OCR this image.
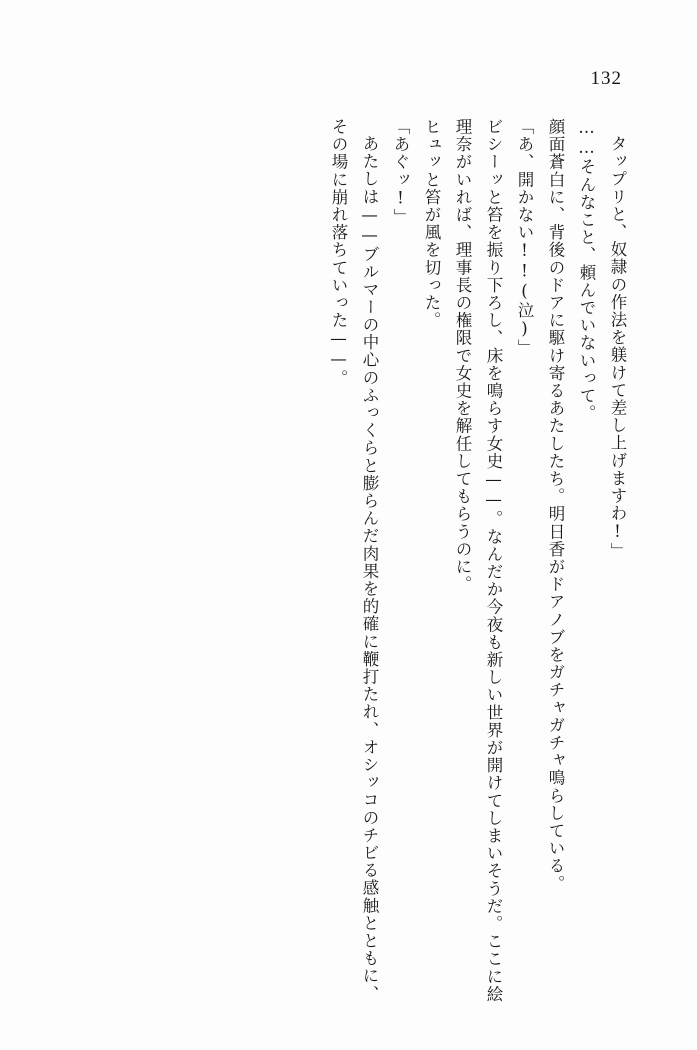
132

タップリと、奴隷の作法を躾けて差し上げますわ!」

……そんなこと、頼んでいないって。

顔面蒼白に、背後のドアに駆け寄るあたしたち。明日香がドアノブをガチャガチャ鳴らしている。

「あ、開かない!!(泣)」

ビシーッと笞を振り下ろし、床を鳴らす女史——。なんだか今夜も新しい世界が開けてしまいそうだ。ここに絵理奈がいれば、理事長の権限で女史を解任してもらうのに。

ヒュッと笞が風を切った。

「あぐッ!」

あたしは——ブルマーの中心のふっくらと膨らんだ肉果を的確に鞭打たれ、オシッコのチビる感触とともに、その場に崩れ落ちていった——。
